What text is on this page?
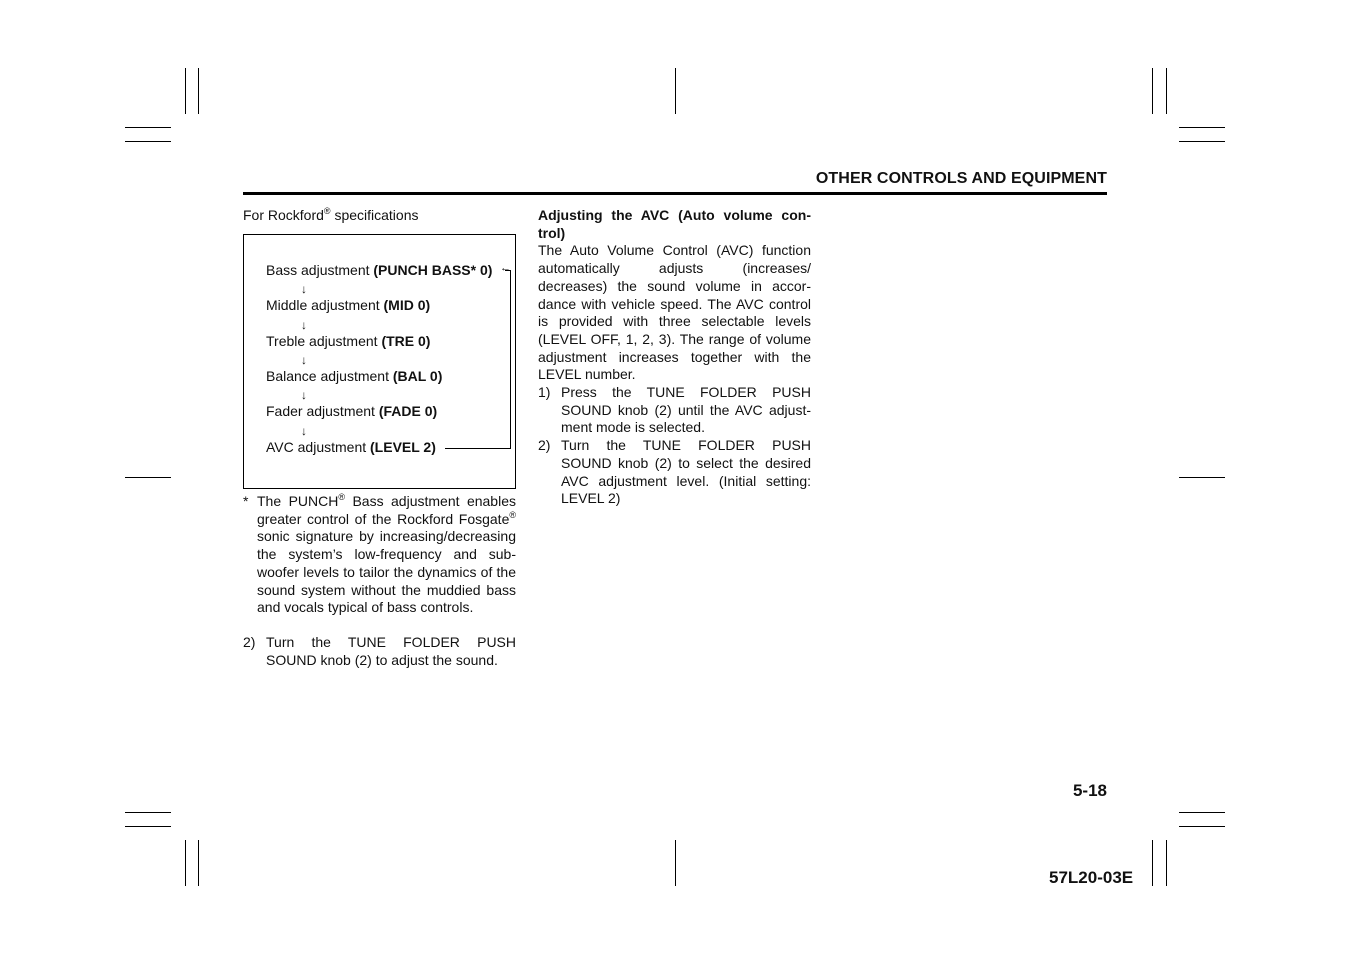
OTHER CONTROLS AND EQUIPMENT
For Rockford® specifications
Bass adjustment (PUNCH BASS* 0)
↓
Middle adjustment (MID 0)
↓
Treble adjustment (TRE 0)
↓
Balance adjustment (BAL 0)
↓
Fader adjustment (FADE 0)
↓
AVC adjustment (LEVEL 2)
←
* The PUNCH® Bass adjustment enables greater control of the Rockford Fosgate® sonic signature by increasing/decreasing the system’s low-frequency and sub-woofer levels to tailor the dynamics of the sound system without the muddied bass and vocals typical of bass controls.
2) Turn the TUNE FOLDER PUSH SOUND knob (2) to adjust the sound.
Adjusting the AVC (Auto volume con-trol)
The Auto Volume Control (AVC) function automatically adjusts (increases/ decreases) the sound volume in accor-dance with vehicle speed. The AVC control is provided with three selectable levels (LEVEL OFF, 1, 2, 3). The range of volume adjustment increases together with the LEVEL number.
1) Press the TUNE FOLDER PUSH SOUND knob (2) until the AVC adjust-ment mode is selected.
2) Turn the TUNE FOLDER PUSH SOUND knob (2) to select the desired AVC adjustment level. (Initial setting: LEVEL 2)
5-18
57L20-03E
